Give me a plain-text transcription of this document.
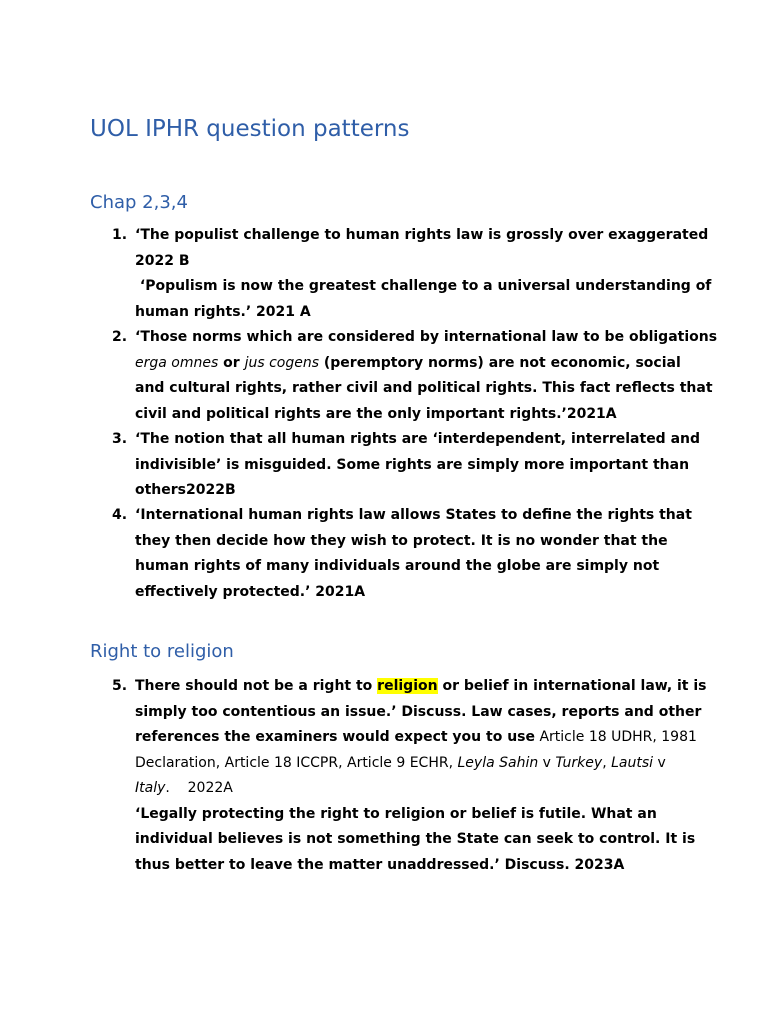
UOL IPHR question patterns
Chap 2,3,4
1. ‘The populist challenge to human rights law is grossly over exaggerated
2022 B
‘Populism is now the greatest challenge to a universal understanding of
human rights.’ 2021 A
2. ‘Those norms which are considered by international law to be obligations
erga omnes or jus cogens (peremptory norms) are not economic, social
and cultural rights, rather civil and political rights. This fact reflects that
civil and political rights are the only important rights.’2021A
3. ‘The notion that all human rights are ‘interdependent, interrelated and
indivisible’ is misguided. Some rights are simply more important than
others2022B
4. ‘International human rights law allows States to define the rights that
they then decide how they wish to protect. It is no wonder that the
human rights of many individuals around the globe are simply not
effectively protected.’ 2021A
Right to religion
5. There should not be a right to religion or belief in international law, it is
simply too contentious an issue.’ Discuss. Law cases, reports and other
references the examiners would expect you to use Article 18 UDHR, 1981
Declaration, Article 18 ICCPR, Article 9 ECHR, Leyla Sahin v Turkey, Lautsi v
Italy.    2022A
‘Legally protecting the right to religion or belief is futile. What an
individual believes is not something the State can seek to control. It is
thus better to leave the matter unaddressed.’ Discuss. 2023A
